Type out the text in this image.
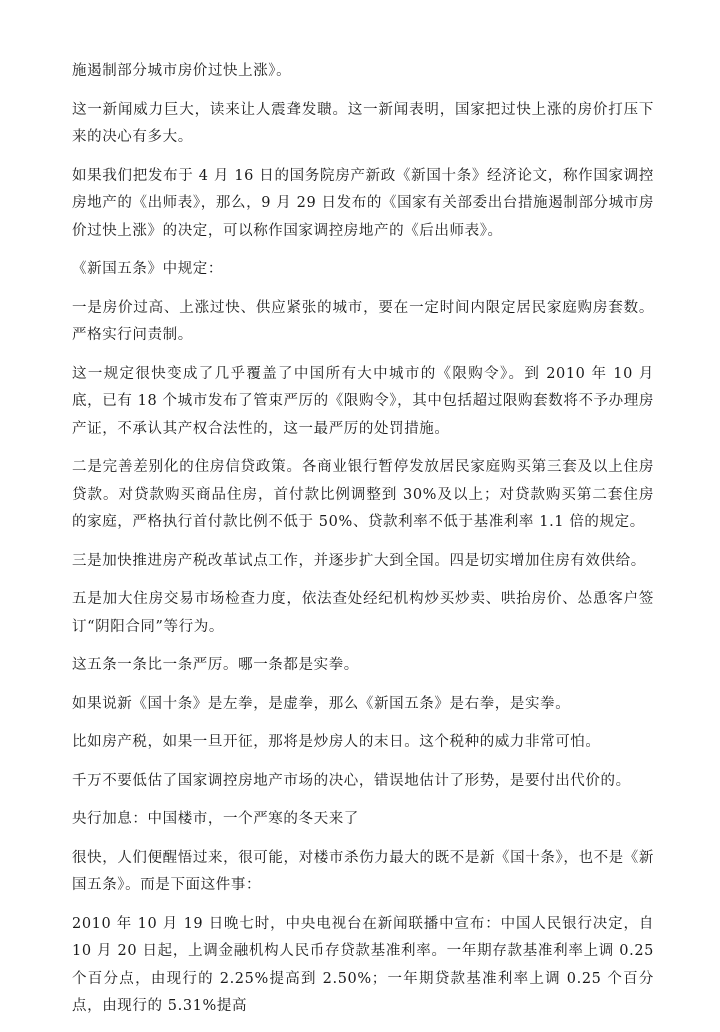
施遏制部分城市房价过快上涨》。

这一新闻威力巨大，读来让人震聋发聩。这一新闻表明，国家把过快上涨的房价打压下来的决心有多大。

如果我们把发布于 4 月 16 日的国务院房产新政《新国十条》经济论文，称作国家调控房地产的《出师表》，那么，9 月 29 日发布的《国家有关部委出台措施遏制部分城市房价过快上涨》的决定，可以称作国家调控房地产的《后出师表》。

《新国五条》中规定：

一是房价过高、上涨过快、供应紧张的城市，要在一定时间内限定居民家庭购房套数。严格实行问责制。

这一规定很快变成了几乎覆盖了中国所有大中城市的《限购令》。到 2010 年 10 月底，已有 18 个城市发布了管束严厉的《限购令》，其中包括超过限购套数将不予办理房产证，不承认其产权合法性的，这一最严厉的处罚措施。

二是完善差别化的住房信贷政策。各商业银行暂停发放居民家庭购买第三套及以上住房贷款。对贷款购买商品住房，首付款比例调整到 30%及以上；对贷款购买第二套住房的家庭，严格执行首付款比例不低于 50%、贷款利率不低于基准利率 1.1 倍的规定。

三是加快推进房产税改革试点工作，并逐步扩大到全国。四是切实增加住房有效供给。

五是加大住房交易市场检查力度，依法查处经纪机构炒买炒卖、哄抬房价、怂恿客户签订“阴阳合同”等行为。

这五条一条比一条严厉。哪一条都是实拳。

如果说新《国十条》是左拳，是虚拳，那么《新国五条》是右拳，是实拳。

比如房产税，如果一旦开征，那将是炒房人的末日。这个税种的威力非常可怕。

千万不要低估了国家调控房地产市场的决心，错误地估计了形势，是要付出代价的。

央行加息：中国楼市，一个严寒的冬天来了

很快，人们便醒悟过来，很可能，对楼市杀伤力最大的既不是新《国十条》，也不是《新国五条》。而是下面这件事：

2010 年 10 月 19 日晚七时，中央电视台在新闻联播中宣布：中国人民银行决定，自 10 月 20 日起，上调金融机构人民币存贷款基准利率。一年期存款基准利率上调 0.25 个百分点，由现行的 2.25%提高到 2.50%；一年期贷款基准利率上调 0.25 个百分点，由现行的 5.31%提高
